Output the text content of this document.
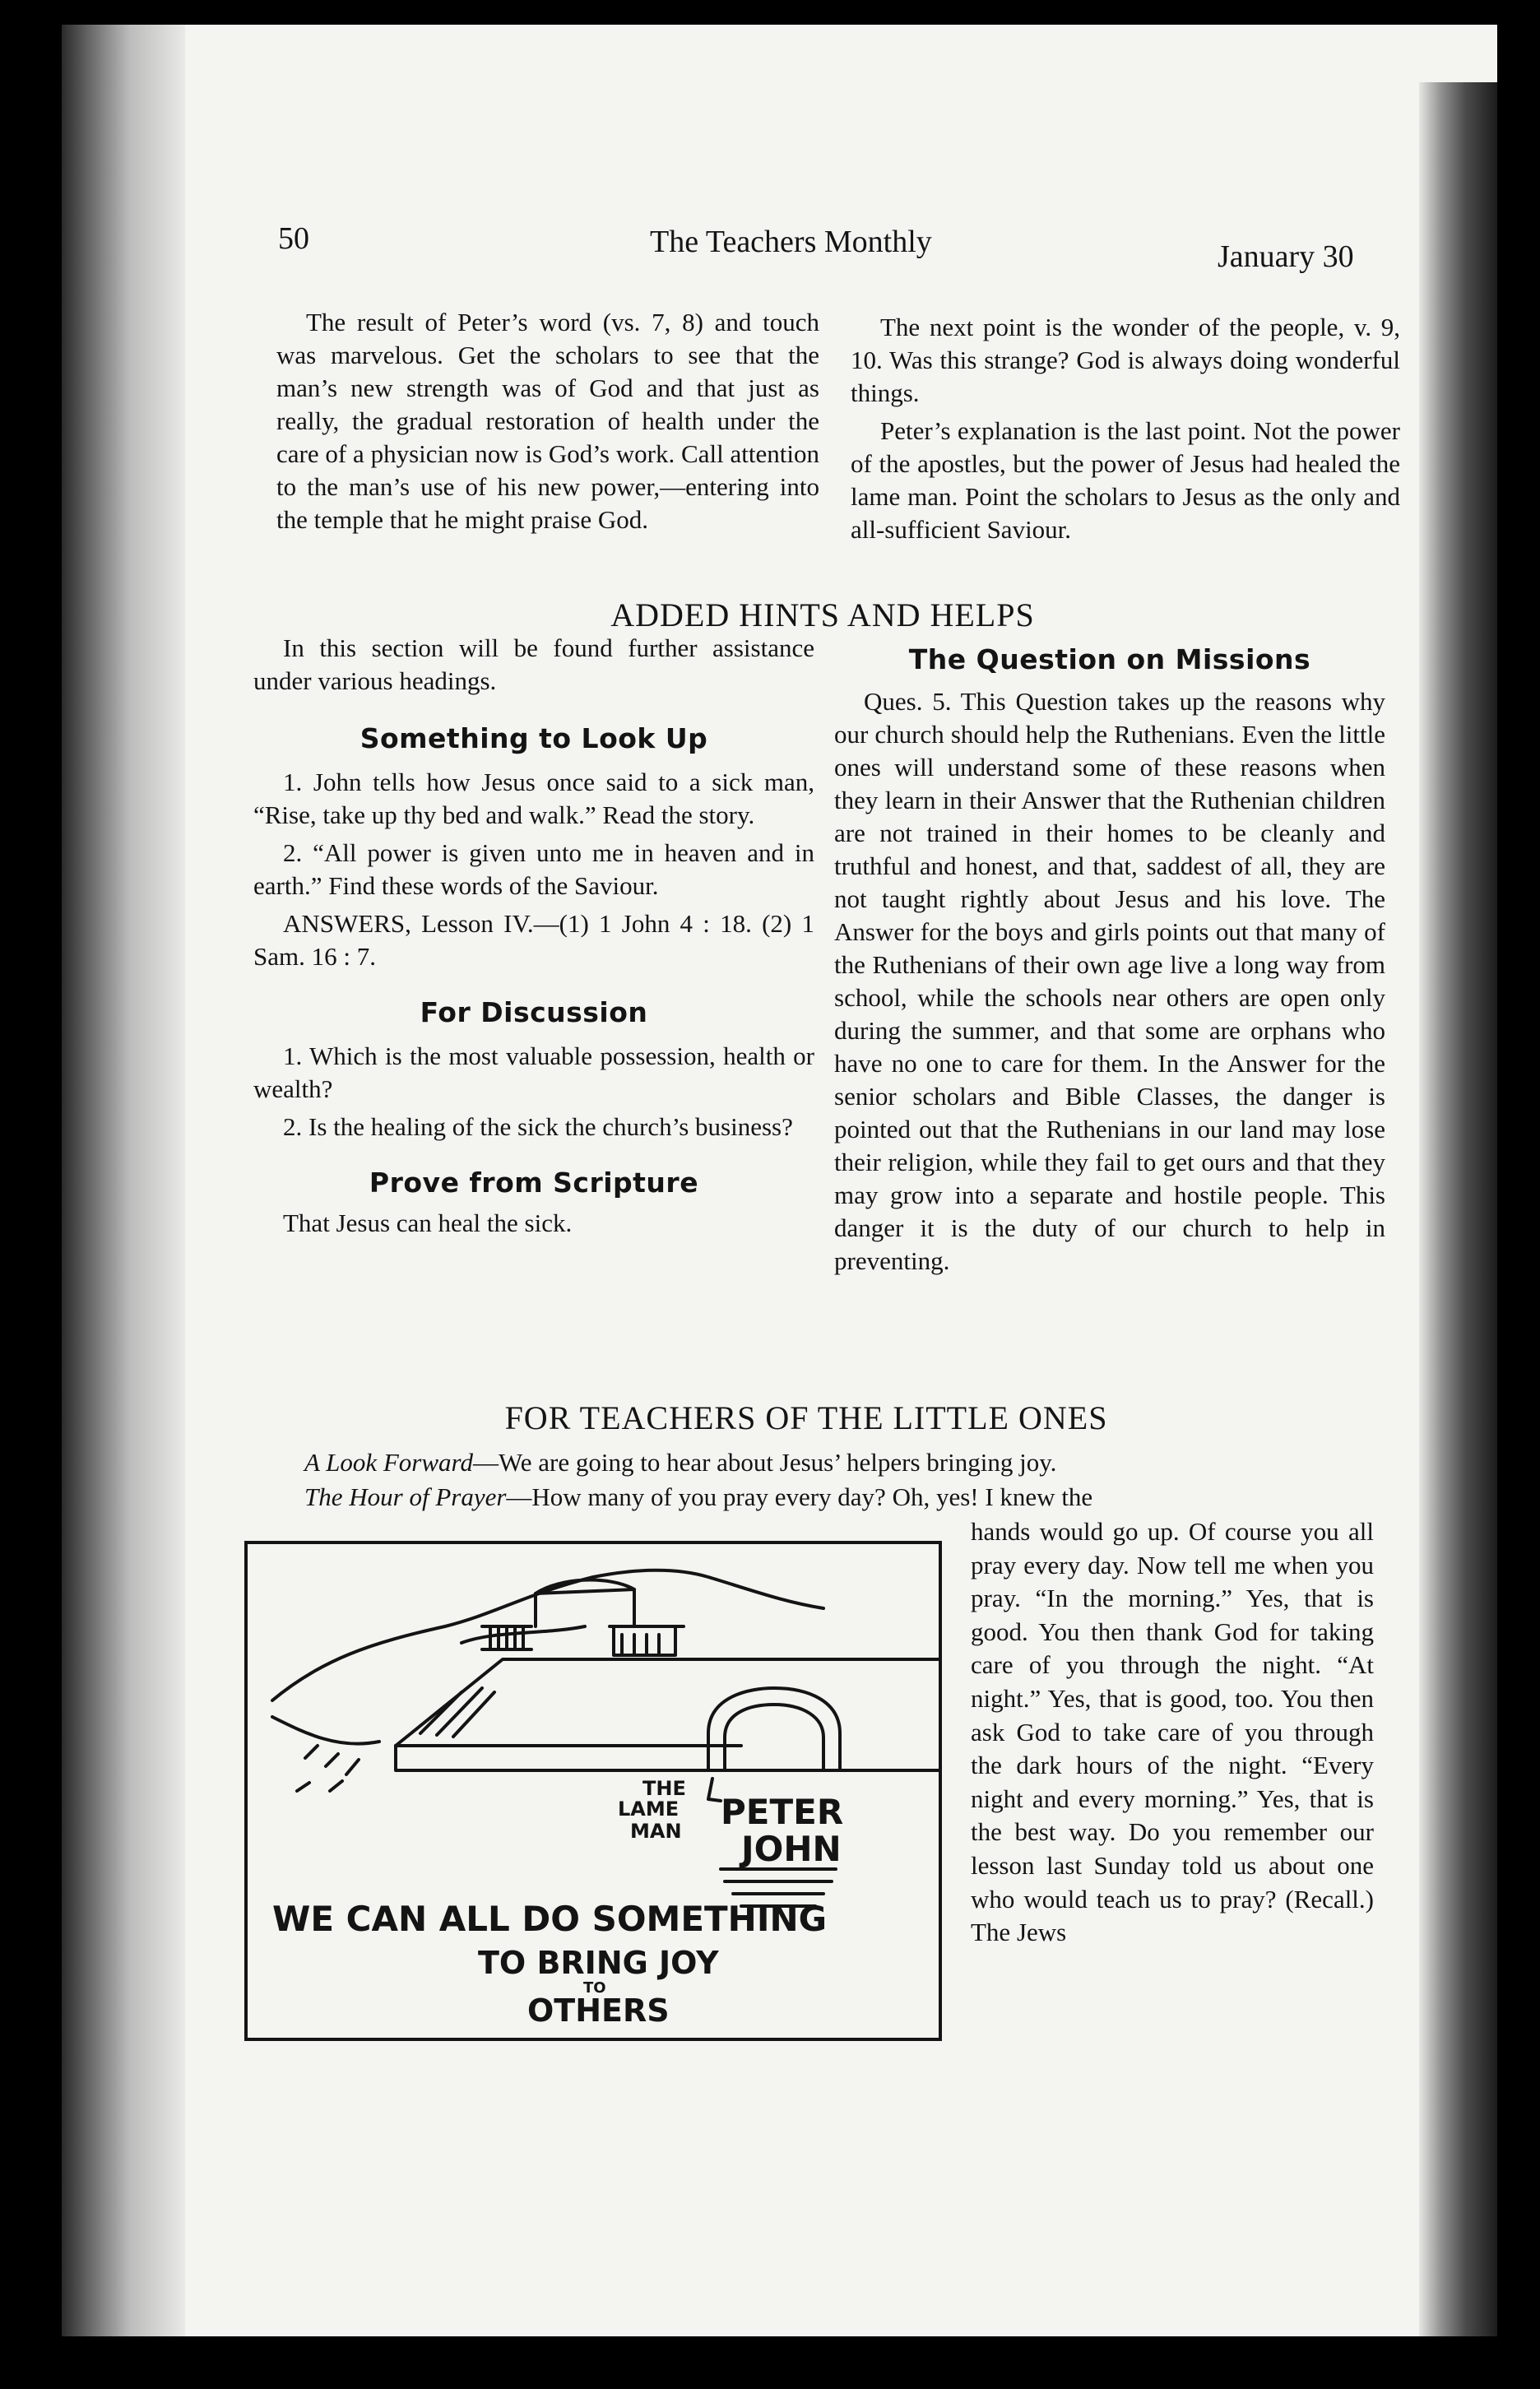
50	The Teachers Monthly	January 30

The result of Peter’s word (vs. 7, 8) and touch was marvelous. Get the scholars to see that the man’s new strength was of God and that just as really, the gradual restoration of health under the care of a physician now is God’s work. Call attention to the man’s use of his new power,—entering into the temple that he might praise God.

The next point is the wonder of the people, v. 9, 10. Was this strange? God is always doing wonderful things.

Peter’s explanation is the last point. Not the power of the apostles, but the power of Jesus had healed the lame man. Point the scholars to Jesus as the only and all-sufficient Saviour.

ADDED HINTS AND HELPS

In this section will be found further assistance under various headings.

Something to Look Up

1. John tells how Jesus once said to a sick man, “Rise, take up thy bed and walk.” Read the story.

2. “All power is given unto me in heaven and in earth.” Find these words of the Saviour.

ANSWERS, Lesson IV.—(1) 1 John 4 : 18. (2) 1 Sam. 16 : 7.

For Discussion

1. Which is the most valuable possession, health or wealth?

2. Is the healing of the sick the church’s business?

Prove from Scripture

That Jesus can heal the sick.

The Question on Missions

Ques. 5. This Question takes up the reasons why our church should help the Ruthenians. Even the little ones will understand some of these reasons when they learn in their Answer that the Ruthenian children are not trained in their homes to be cleanly and truthful and honest, and that, saddest of all, they are not taught rightly about Jesus and his love. The Answer for the boys and girls points out that many of the Ruthenians of their own age live a long way from school, while the schools near others are open only during the summer, and that some are orphans who have no one to care for them. In the Answer for the senior scholars and Bible Classes, the danger is pointed out that the Ruthenians in our land may lose their religion, while they fail to get ours and that they may grow into a separate and hostile people. This danger it is the duty of our church to help in preventing.

FOR TEACHERS OF THE LITTLE ONES

A Look Forward—We are going to hear about Jesus’ helpers bringing joy.

The Hour of Prayer—How many of you pray every day? Oh, yes! I knew the

hands would go up. Of course you all pray every day. Now tell me when you pray. “In the morning.” Yes, that is good. You then thank God for taking care of you through the night. “At night.” Yes, that is good, too. You then ask God to take care of you through the dark hours of the night. “Every night and every morning.” Yes, that is the best way. Do you remember our lesson last Sunday told us about one who would teach us to pray? (Recall.) The Jews

THE
LAME
MAN PETER
JOHN
WE CAN ALL DO SOMETHING
TO BRING JOY
TO
OTHERS
